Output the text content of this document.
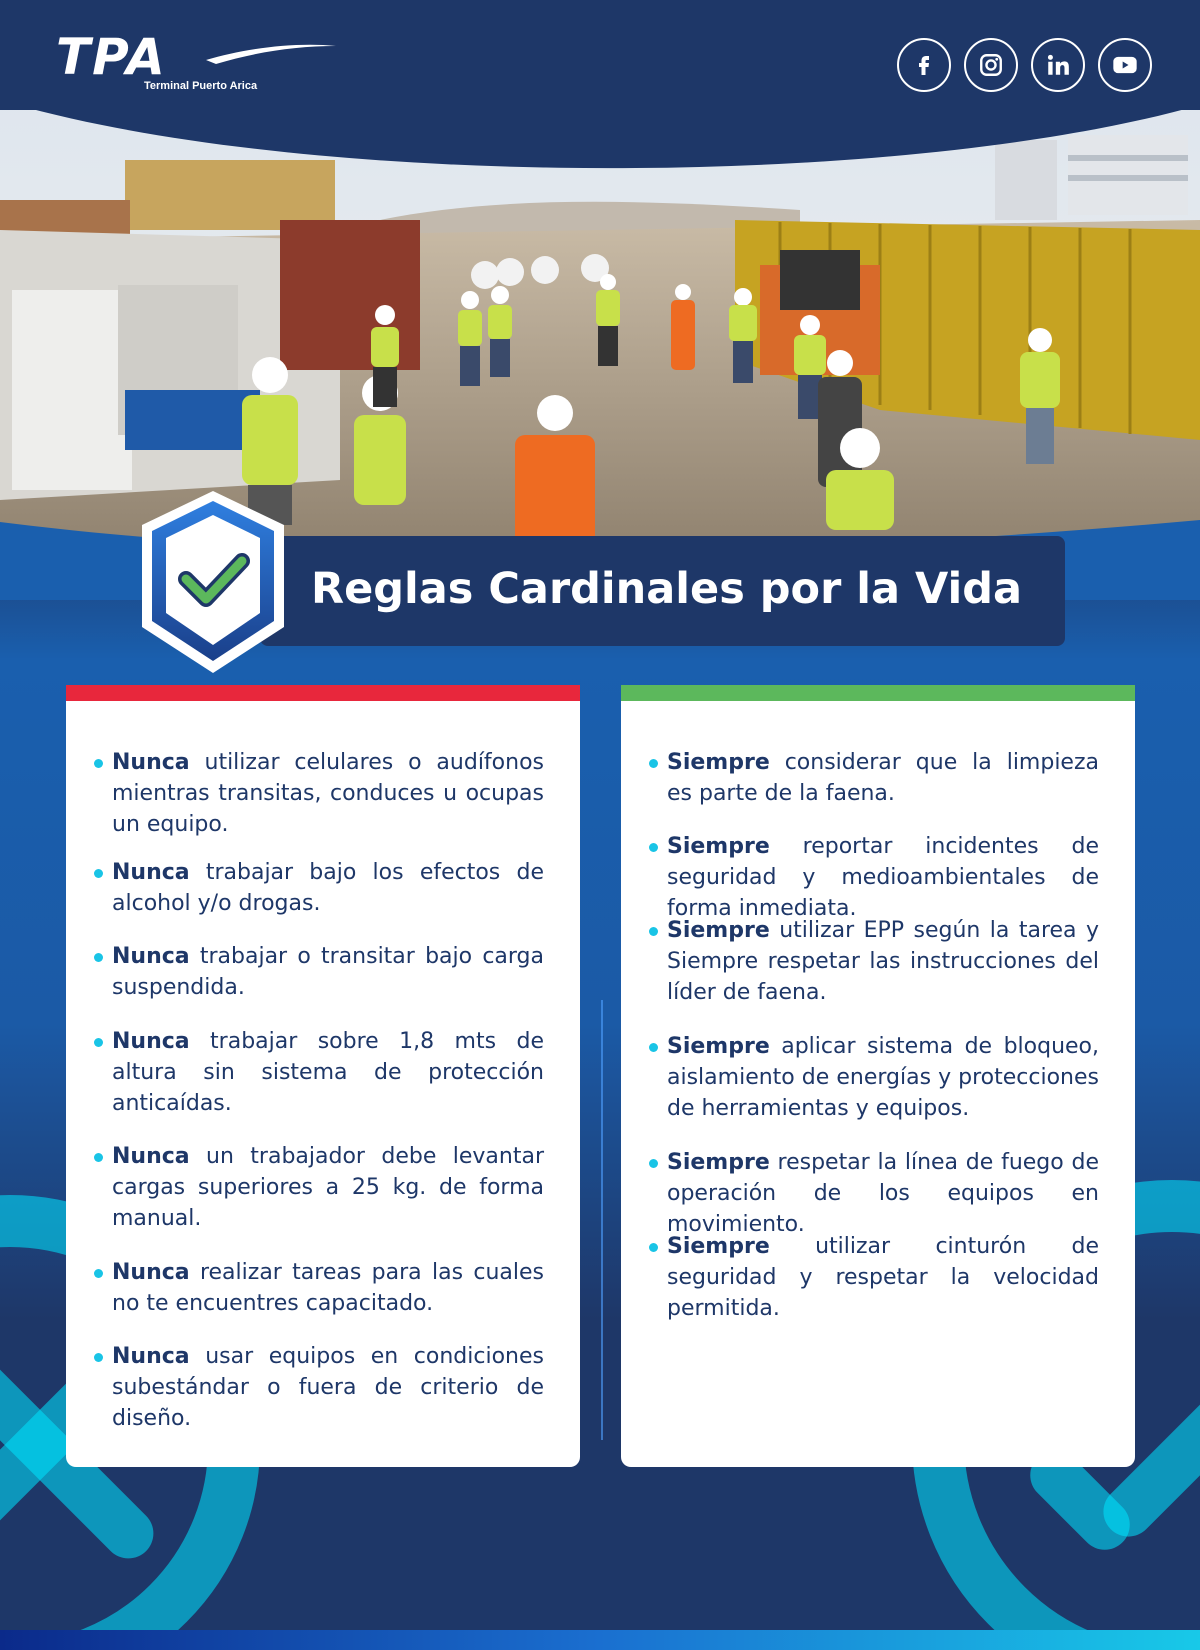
TPA
Terminal Puerto Arica
Reglas Cardinales por la Vida
Nunca utilizar celulares o audífonos mientras transitas, conduces u ocupas un equipo.
Nunca trabajar bajo los efectos de alcohol y/o drogas.
Nunca trabajar o transitar bajo carga suspendida.
Nunca trabajar sobre 1,8 mts de altura sin sistema de protección anticaídas.
Nunca un trabajador debe levantar cargas superiores a 25 kg. de forma manual.
Nunca realizar tareas para las cuales no te encuentres capacitado.
Nunca usar equipos en condiciones subestándar o fuera de criterio de diseño.
Siempre considerar que la limpieza es parte de la faena.
Siempre reportar incidentes de seguridad y medioambientales de forma inmediata.
Siempre utilizar EPP según la tarea y Siempre respetar las instrucciones del líder de faena.
Siempre aplicar sistema de bloqueo, aislamiento de energías y protecciones de herramientas y equipos.
Siempre respetar la línea de fuego de operación de los equipos en movimiento.
Siempre utilizar cinturón de seguridad y respetar la velocidad permitida.
